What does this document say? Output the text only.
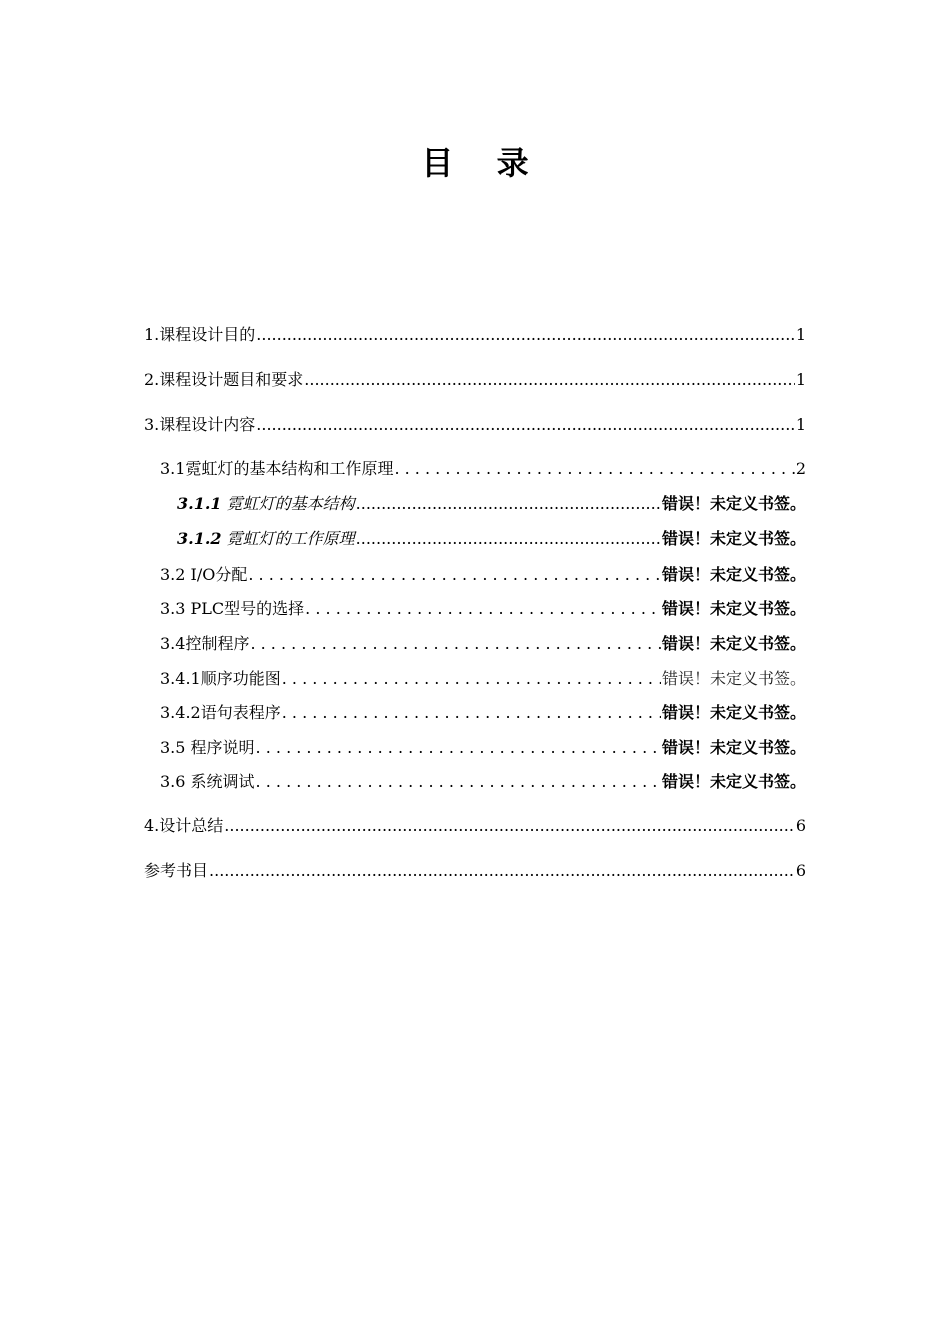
目 录
1.课程设计目的 .....	1
2.课程设计题目和要求 .....	1
3.课程设计内容 .....	1
3.1霓虹灯的基本结构和工作原理 . . .	2
3.1.1 霓虹灯的基本结构 .....	错误！未定义书签。
3.1.2 霓虹灯的工作原理 .....	错误！未定义书签。
3.2 I/O分配 . . .	错误！未定义书签。
3.3 PLC型号的选择 . . .	错误！未定义书签。
3.4控制程序 . . .	错误！未定义书签。
3.4.1顺序功能图 . . .	错误！未定义书签。
3.4.2语句表程序 . . .	错误！未定义书签。
3.5 程序说明 . . .	错误！未定义书签。
3.6 系统调试 . . .	错误！未定义书签。
4.设计总结 .....	6
参考书目 .....	6
